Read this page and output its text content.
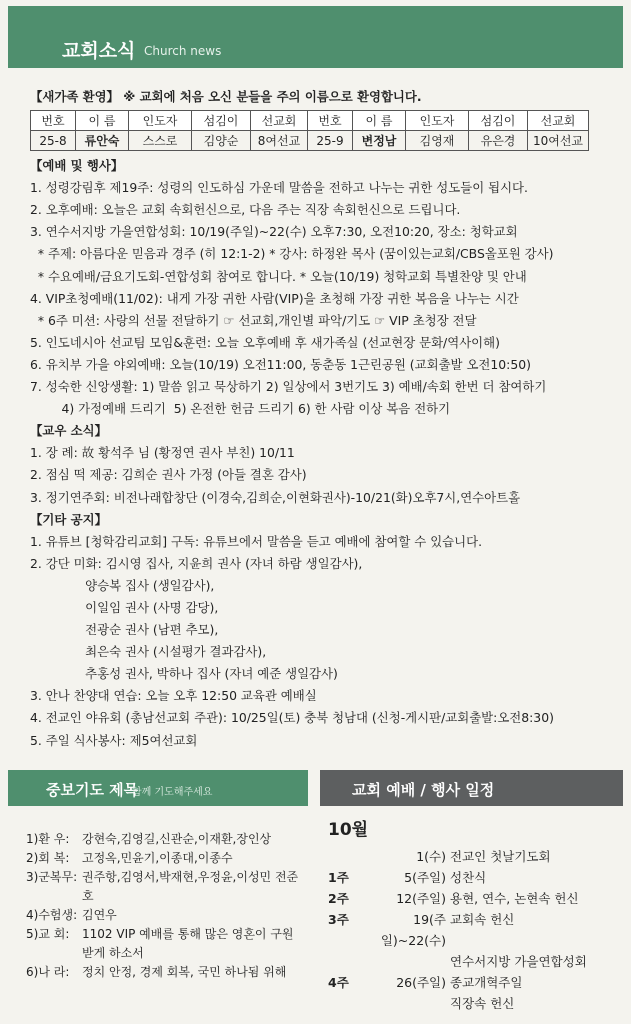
교회소식 Church news
【새가족 환영】 ※ 교회에 처음 오신 분들을 주의 이름으로 환영합니다.
번호	이 름	인도자	섬김이	선교회	번호	이 름	인도자	섬김이	선교회
25-8	류안숙	스스로	김양순	8여선교	25-9	변정남	김영재	유은경	10여선교
【예배 및 행사】
1. 성령강림후 제19주: 성령의 인도하심 가운데 말씀을 전하고 나누는 귀한 성도들이 됩시다.
2. 오후예배: 오늘은 교회 속회헌신으로, 다음 주는 직장 속회헌신으로 드립니다.
3. 연수서지방 가을연합성회: 10/19(주일)~22(수) 오후7:30, 오전10:20, 장소: 청학교회
* 주제: 아름다운 믿음과 경주 (히 12:1-2) * 강사: 하정완 목사 (꿈이있는교회/CBS올포원 강사)
* 수요예배/금요기도회-연합성회 참여로 합니다. * 오늘(10/19) 청학교회 특별찬양 및 안내
4. VIP초청예배(11/02): 내게 가장 귀한 사람(VIP)을 초청해 가장 귀한 복음을 나누는 시간
* 6주 미션: 사랑의 선물 전달하기 ☞ 선교회,개인별 파악/기도 ☞ VIP 초청장 전달
5. 인도네시아 선교팀 모임&훈련: 오늘 오후예배 후 새가족실 (선교현장 문화/역사이해)
6. 유치부 가을 야외예배: 오늘(10/19) 오전11:00, 동춘동 1근린공원 (교회출발 오전10:50)
7. 성숙한 신앙생활: 1) 말씀 읽고 묵상하기 2) 일상에서 3번기도 3) 예배/속회 한번 더 참여하기
4) 가정예배 드리기  5) 온전한 헌금 드리기 6) 한 사람 이상 복음 전하기
【교우 소식】
1. 장 례: 故 황석주 님 (황정연 권사 부친) 10/11
2. 점심 떡 제공: 김희순 권사 가정 (아들 결혼 감사)
3. 정기연주회: 비전나래합창단 (이경숙,김희순,이현화권사)-10/21(화)오후7시,연수아트홀
【기타 공지】
1. 유튜브 [청학감리교회] 구독: 유튜브에서 말씀을 듣고 예배에 참여할 수 있습니다.
2. 강단 미화: 김시영 집사, 지윤희 권사 (자녀 하람 생일감사),
양승복 집사 (생일감사),
이일임 권사 (사명 감당),
전광순 권사 (남편 추모),
최은숙 권사 (시설평가 결과감사),
추홍성 권사, 박하나 집사 (자녀 예준 생일감사)
3. 안나 찬양대 연습: 오늘 오후 12:50 교육관 예배실
4. 전교인 야유회 (총남선교회 주관): 10/25일(토) 충북 청남대 (신청-게시판/교회출발:오전8:30)
5. 주일 식사봉사: 제5여선교회
중보기도 제목
함께 기도해주세요
1)환 우:	강현숙,김영길,신관순,이재환,장인상
2)회 복:	고정옥,민윤기,이종대,이종수
3)군복무: 권주항,김영서,박재현,우정윤,이성민 전준호
4)수험생: 김연우
5)교 회:	1102 VIP 예배를 통해 많은 영혼이 구원받게 하소서
6)나 라:	정치 안정, 경제 회복, 국민 하나됨 위해
교회 예배 / 행사 일정
10월
1(수) 전교인 첫날기도회
1주	5(주일) 성찬식
2주	12(주일) 용현, 연수, 논현속 헌신
3주	19(주일)~22(수)
교회속 헌신
연수서지방 가을연합성회
4주	26(주일) 종교개혁주일
직장속 헌신
